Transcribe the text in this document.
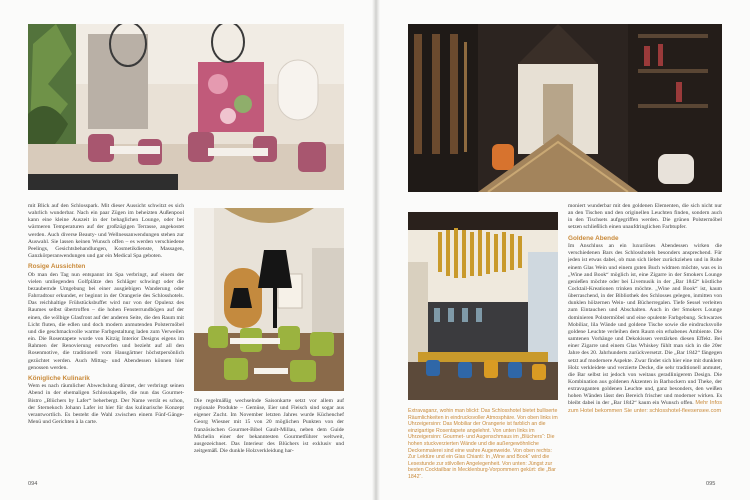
mit Blick auf den Schlosspark. Mit dieser Aussicht schwitzt es sich wahrlich wunderbar. Nach ein paar Zügen im beheizten Außenpool kann eine kleine Auszeit in der behaglichen Lounge, oder bei wärmeren Temperaturen auf der großzügigen Terrasse, angekostet werden. Auch diverse Beauty- und Wellnessanwendungen stehen zur Auswahl. Sie lassen keinen Wunsch offen – es werden verschiedene Peelings, Gesichtsbehandlungen, Kosmetikdienste, Massagen, Ganzkörperanwendungen und gar ein Medical Spa geboten.

Rosige Aussichten

Ob man den Tag nun entspannt im Spa verbringt, auf einem der vielen umliegenden Golfplätze den Schläger schwingt oder die bezaubernde Umgebung bei einer ausgiebigen Wanderung oder Fahrradtour erkundet, er beginnt in der Orangerie des Schlosshotels. Das reichhaltige Frühstücksbuffet wird nur von der Opulenz des Raumes selbst übertroffen – die hohen Fensterrundbögen auf der einen, die wölbige Glasfront auf der anderen Seite, die den Raum mit Licht fluten, die edlen und doch modern anmutenden Polstermöbel und die geschmackvolle warme Farbgestaltung laden zum Verweilen ein. Die Rosentapete wurde von Kitzig Interior Designs eigens im Rahmen der Renovierung entworfen und bezieht auf all den Rosenmotive, die traditionell vom Hausgärtner höchstpersönlich gezüchtet werden. Auch Mittag- und Abendessen können hier genossen werden.

Königliche Kulinarik

Wem es nach räumlicher Abwechslung dürstet, der verbringt seinen Abend in der ehemaligen Schlosskapelle, die nun das Gourmet-Bistro „Blüchers by Lafer“ beherbergt. Der Name verrät es schon, der Sternekoch Johann Lafer ist hier für das kulinarische Konzept verantwortlich. Es besteht die Wahl zwischen einem Fünf-Gänge-Menü und Gerichten à la carte.

Die regelmäßig wechselnde Saisonkarte setzt vor allem auf regionale Produkte – Gemüse, Eier und Fleisch sind sogar aus eigener Zucht. Im November letzten Jahres wurde Küchenchef Georg Wiesner mit 15 von 20 möglichen Punkten von der französischen Gourmet-Bibel Gault-Millau, neben dem Guide Michelin einer der bekanntesten Gourmetführer weltweit, ausgezeichnet. Das Interieur des Blüchers ist exklusiv und zeitgemäß. Die dunkle Holzverkleidung har-

094
Extravaganz, wohin man blickt: Das Schlosshotel bietet bulliserte Räumlichkeiten in eindrucksvoller Atmosphäre. Von oben links im Uhrzeigersinn: Das Mobiliar der Orangerie ist farblich an die einzigartige Rosentapete angelehnt. Von unten links im Uhrzeigersinn: Gourmet- und Augenschmaus im „Blüchers“: Die hohen stuckverzierten Wände und die außergewöhnliche Deckenmalerei sind eine wahre Augenweide. Von oben rechts: Zur Lektüre und ein Glas Chianti: In „Wine and Book“ wird die Lesestunde zur stilvollen Angelegenheit. Von unten: Jüngst zur besten Cocktailbar in Mecklenburg-Vorpommern gekürt: die „Bar 1842“.

moniert wunderbar mit den goldenen Elementen, die sich nicht nur an den Tischen und den originellen Leuchten finden, sondern auch in den Tischsets aufgegriffen werden. Die grünen Polstermöbel setzen schließlich einen unaufdringlichen Farbtupfer.

Goldene Abende

Im Anschluss an ein luxuriöses Abendessen wirken die verschiedenen Bars des Schlosshotels besonders ansprechend. Für jeden ist etwas dabei, ob man sich lieber zurückziehen und in Ruhe einem Glas Wein und einem guten Buch widmen möchte, was es in „Wine and Book“ möglich ist, eine Zigarre in der Smokers Lounge genießen möchte oder bei Livemusik in der „Bar 1842“ köstliche Cocktail-Kreationen trinken möchte. „Wine and Book“ ist, kaum überraschend, in der Bibliothek des Schlosses gelegen, inmitten von dunklen hölzernen Wein- und Bücherregalen. Tiefe Sessel verleiten zum Eintauchen und Abschalten. Auch in der Smokers Lounge dominieren Polstermöbel und eine opulente Farbgebung. Schwarzes Mobiliar, lila Wände und goldene Tische sowie die eindrucksvolle goldene Leuchte verleihen dem Raum ein erhabenes Ambiente. Die samtenen Vorhänge und Dekokissen verstärken diesen Effekt. Bei einer Zigarre und einem Glas Whiskey fühlt man sich in die 20er Jahre des 20. Jahrhunderts zurückversetzt. Die „Bar 1842“ fängegen setzt auf modernere Aspekte. Zwar findet sich hier eine mit dunklem Holz verkleidete und verzierte Decke, die sehr traditionell anmutet, die Bar selbst ist jedoch von weitaus geradlinigerem Design. Die Kombination aus goldenen Akzenten in Barhockern und Theke, der extravaganten goldenen Leuchte und, ganz besonders, den weißen hohen Wänden lässt den Bereich frischer und moderner wirken. Es bleibt dabei in der „Bar 1842“ kaum ein Wunsch offen. Mehr Infos zum Hotel bekommen Sie unter: schlosshotel-fleesensee.com

095
